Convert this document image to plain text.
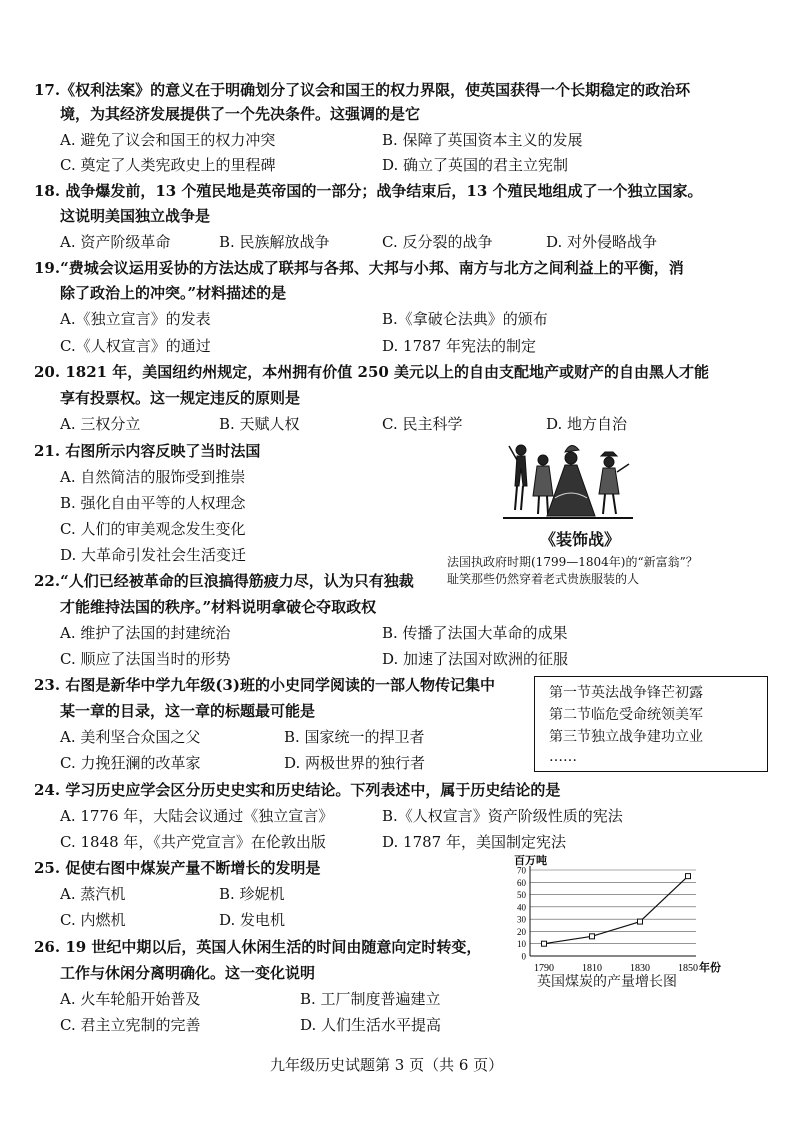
17.《权利法案》的意义在于明确划分了议会和国王的权力界限，使英国获得一个长期稳定的政治环
境，为其经济发展提供了一个先决条件。这强调的是它
A. 避免了议会和国王的权力冲突	B. 保障了英国资本主义的发展
C. 奠定了人类宪政史上的里程碑	D. 确立了英国的君主立宪制
18. 战争爆发前，13 个殖民地是英帝国的一部分；战争结束后，13 个殖民地组成了一个独立国家。
这说明美国独立战争是
A. 资产阶级革命	B. 民族解放战争	C. 反分裂的战争	D. 对外侵略战争
19.“费城会议运用妥协的方法达成了联邦与各邦、大邦与小邦、南方与北方之间利益上的平衡，消
除了政治上的冲突。”材料描述的是
A.《独立宣言》的发表	B.《拿破仑法典》的颁布
C.《人权宣言》的通过	D. 1787 年宪法的制定
20. 1821 年，美国纽约州规定，本州拥有价值 250 美元以上的自由支配地产或财产的自由黑人才能
享有投票权。这一规定违反的原则是
A. 三权分立	B. 天赋人权	C. 民主科学	D. 地方自治
21. 右图所示内容反映了当时法国
A. 自然简洁的服饰受到推崇
B. 强化自由平等的人权理念
C. 人们的审美观念发生变化
D. 大革命引发社会生活变迁
《装饰战》
法国执政府时期(1799—1804年)的“新富翁”？
耻笑那些仍然穿着老式贵族服装的人
22.“人们已经被革命的巨浪搞得筋疲力尽，认为只有独裁
才能维持法国的秩序。”材料说明拿破仑夺取政权
A. 维护了法国的封建统治	B. 传播了法国大革命的成果
C. 顺应了法国当时的形势	D. 加速了法国对欧洲的征服
23. 右图是新华中学九年级(3)班的小史同学阅读的一部人物传记集中
某一章的目录，这一章的标题最可能是
A. 美利坚合众国之父	B. 国家统一的捍卫者
C. 力挽狂澜的改革家	D. 两极世界的独行者
第一节英法战争锋芒初露
第二节临危受命统领美军
第三节独立战争建功立业
……
24. 学习历史应学会区分历史史实和历史结论。下列表述中，属于历史结论的是
A. 1776 年，大陆会议通过《独立宣言》	B.《人权宣言》资产阶级性质的宪法
C. 1848 年，《共产党宣言》在伦敦出版	D. 1787 年，美国制定宪法
25. 促使右图中煤炭产量不断增长的发明是
A. 蒸汽机	B. 珍妮机
C. 内燃机	D. 发电机
百万吨
0
10
20
30
40
50
60
70
1790	1810	1830	1850 年份
英国煤炭的产量增长图
26. 19 世纪中期以后，英国人休闲生活的时间由随意向定时转变，
工作与休闲分离明确化。这一变化说明
A. 火车轮船开始普及	B. 工厂制度普遍建立
C. 君主立宪制的完善	D. 人们生活水平提高
九年级历史试题第 3 页（共 6 页）
